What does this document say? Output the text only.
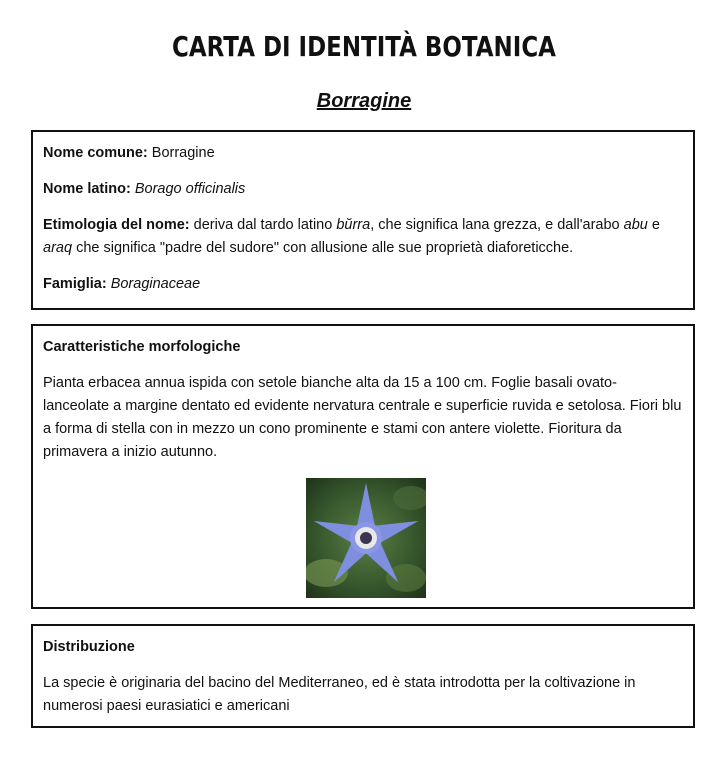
CARTA DI IDENTITÀ BOTANICA
Borragine

Nome comune: Borragine

Nome latino: Borago officinalis

Etimologia del nome: deriva dal tardo latino bŭrra, che significa lana grezza, e dall'arabo abu e araq che significa "padre del sudore" con allusione alle sue proprietà diaforeticche.

Famiglia: Boraginaceae

Caratteristiche morfologiche

Pianta erbacea annua ispida con setole bianche alta da 15 a 100 cm. Foglie basali ovato-lanceolate a margine dentato ed evidente nervatura centrale e superficie ruvida e setolosa. Fiori blu a forma di stella con in mezzo un cono prominente e stami con antere violette. Fioritura da primavera a inizio autunno.

Distribuzione

La specie è originaria del bacino del Mediterraneo, ed è stata introdotta per la coltivazione in numerosi paesi eurasiatici e americani
